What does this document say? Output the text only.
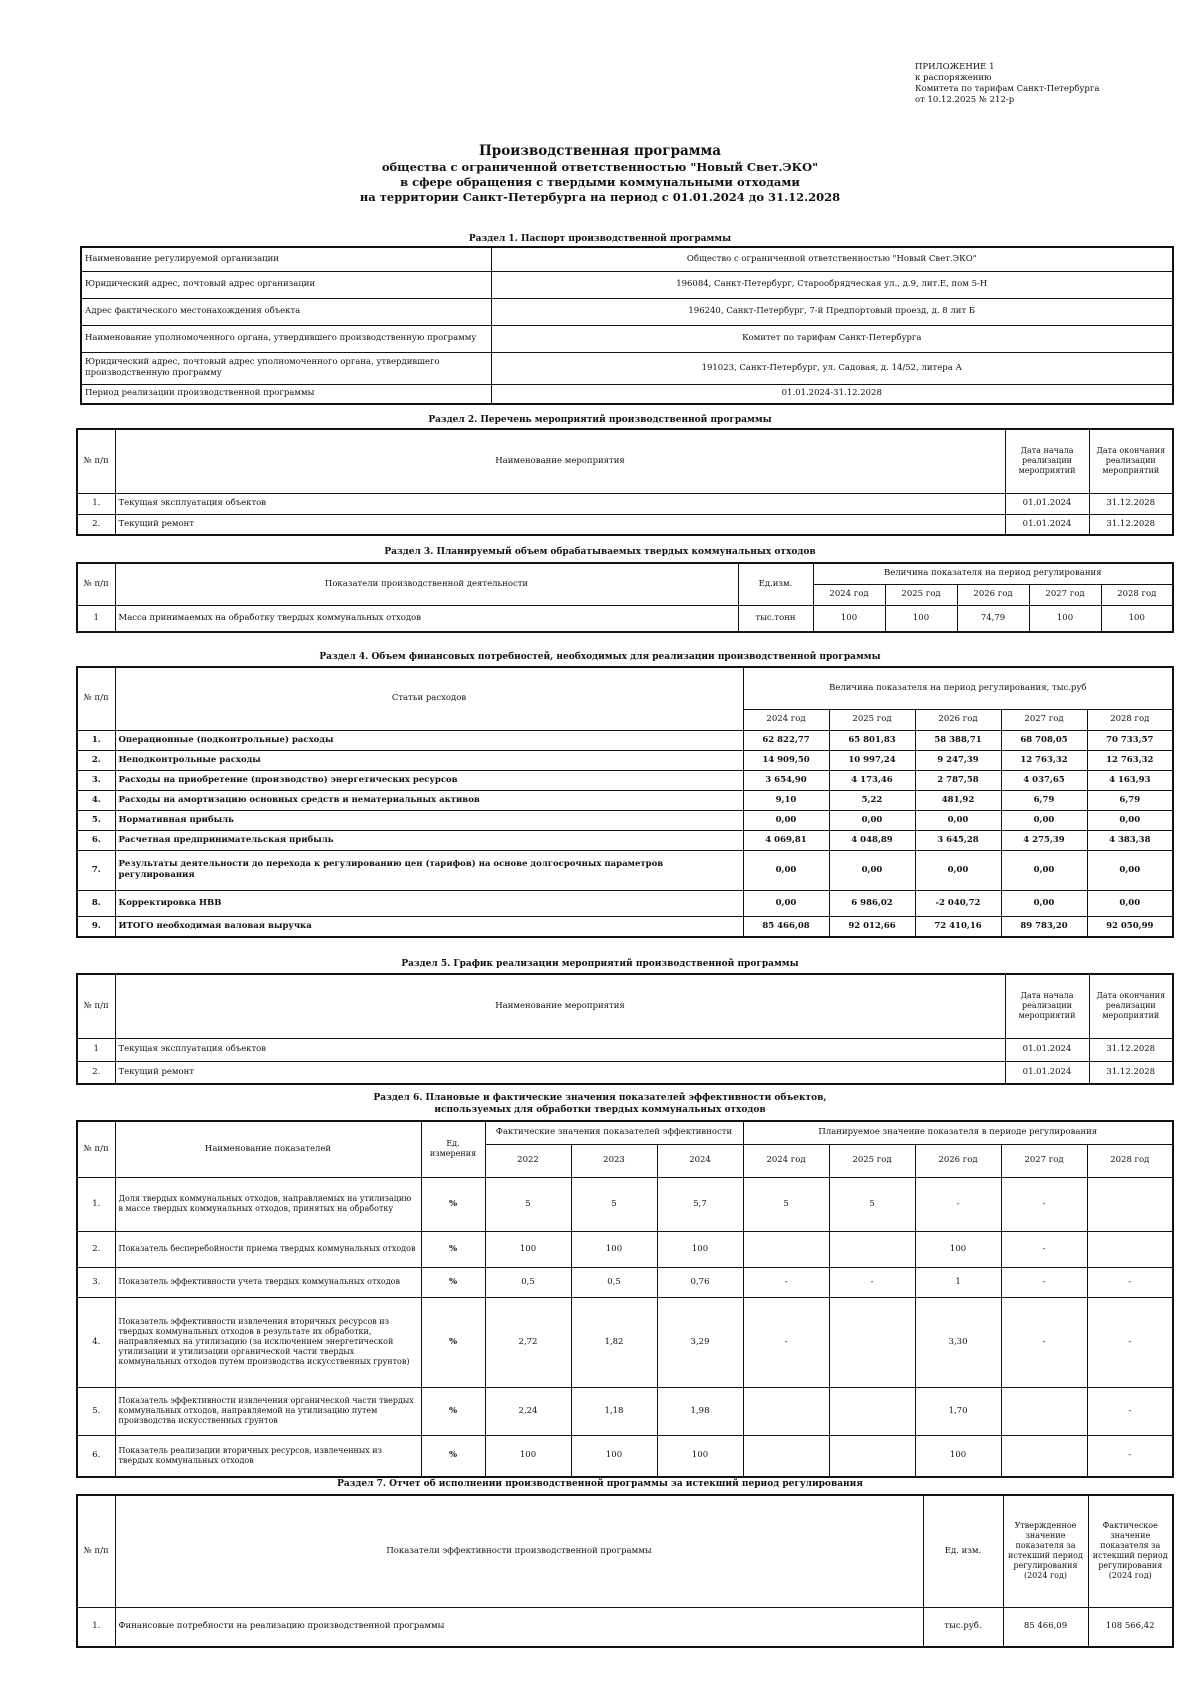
ПРИЛОЖЕНИЕ 1
к распоряжению
Комитета по тарифам Санкт-Петербурга
от 10.12.2025 № 212-р
Производственная программа
общества с ограниченной ответственностью "Новый Свет.ЭКО"
в сфере обращения с твердыми коммунальными отходами
на территории Санкт-Петербурга на период с 01.01.2024 до 31.12.2028
Раздел 1. Паспорт производственной программы
Наименование регулируемой организации	Общество с ограниченной ответственностью "Новый Свет.ЭКО"
Юридический адрес, почтовый адрес организации	196084, Санкт-Петербург, Старообрядческая ул., д.9, лит.Е, пом 5-Н
Адрес фактического местонахождения объекта	196240, Санкт-Петербург, 7-й Предпортовый проезд, д. 8 лит Б
Наименование уполномоченного органа, утвердившего производственную программу	Комитет по тарифам Санкт-Петербурга
Юридический адрес, почтовый адрес уполномоченного органа, утвердившего производственную программу	191023, Санкт-Петербург, ул. Садовая, д. 14/52, литера А
Период реализации производственной программы	01.01.2024-31.12.2028
Раздел 2. Перечень мероприятий производственной программы
№ п/п	Наименование мероприятия	Дата начала реализации мероприятий	Дата окончания реализации мероприятий
1.	Текущая эксплуатация объектов	01.01.2024	31.12.2028
2.	Текущий ремонт	01.01.2024	31.12.2028
Раздел 3. Планируемый объем обрабатываемых твердых коммунальных отходов
№ п/п	Показатели производственной деятельности	Ед.изм.	Величина показателя на период регулирования				
			2024 год	2025 год	2026 год	2027 год	2028 год
1	Масса принимаемых на обработку твердых коммунальных отходов	тыс.тонн	100	100	74,79	100	100
Раздел 4. Объем финансовых потребностей, необходимых для реализации производственной программы
№ п/п	Статьи расходов	Величина показателя на период регулирования, тыс.руб				
		2024 год	2025 год	2026 год	2027 год	2028 год
1.	Операционные (подконтрольные) расходы	62 822,77	65 801,83	58 388,71	68 708,05	70 733,57
2.	Неподконтрольные расходы	14 909,50	10 997,24	9 247,39	12 763,32	12 763,32
3.	Расходы на приобретение (производство) энергетических ресурсов	3 654,90	4 173,46	2 787,58	4 037,65	4 163,93
4.	Расходы на амортизацию основных средств и нематериальных активов	9,10	5,22	481,92	6,79	6,79
5.	Нормативная прибыль	0,00	0,00	0,00	0,00	0,00
6.	Расчетная предпринимательская прибыль	4 069,81	4 048,89	3 645,28	4 275,39	4 383,38
7.	Результаты деятельности до перехода к регулированию цен (тарифов) на основе долгосрочных параметров регулирования	0,00	0,00	0,00	0,00	0,00
8.	Корректировка НВВ	0,00	6 986,02	-2 040,72	0,00	0,00
9.	ИТОГО необходимая валовая выручка	85 466,08	92 012,66	72 410,16	89 783,20	92 050,99
Раздел 5. График реализации мероприятий производственной программы
№ п/п	Наименование мероприятия	Дата начала реализации мероприятий	Дата окончания реализации мероприятий
1	Текущая эксплуатация объектов	01.01.2024	31.12.2028
2.	Текущий ремонт	01.01.2024	31.12.2028
Раздел 6. Плановые и фактические значения показателей эффективности объектов,
используемых для обработки твердых коммунальных отходов
№ п/п	Наименование показателей	Ед. измерения	Фактические значения показателей эффективности			Планируемое значение показателя в периоде регулирования				
			2022	2023	2024	2024 год	2025 год	2026 год	2027 год	2028 год
1.	Доля твердых коммунальных отходов, направляемых на утилизацию в массе твердых коммунальных отходов, принятых на обработку	%	5	5	5,7	5	5	-	-	
2.	Показатель бесперебойности приема твердых коммунальных отходов	%	100	100	100			100	-	
3.	Показатель эффективности учета твердых коммунальных отходов	%	0,5	0,5	0,76	-	-	1	-	-
4.	Показатель эффективности извлечения вторичных ресурсов из твердых коммунальных отходов в результате их обработки, направляемых на утилизацию (за исключением энергетической утилизации и утилизации органической части твердых коммунальных отходов путем производства искусственных грунтов)	%	2,72	1,82	3,29	-		3,30	-	-
5.	Показатель эффективности извлечения органической части твердых коммунальных отходов, направляемой на утилизацию путем производства искусственных грунтов	%	2,24	1,18	1,98			1,70		-
6.	Показатель реализации вторичных ресурсов, извлеченных из твердых коммунальных отходов	%	100	100	100			100		-
Раздел 7. Отчет об исполнении производственной программы за истекший период регулирования
№ п/п	Показатели эффективности производственной программы	Ед. изм.	Утвержденное значение показателя за истекший период регулирования (2024 год)	Фактическое значение показателя за истекший период регулирования (2024 год)
1.	Финансовые потребности на реализацию производственной программы	тыс.руб.	85 466,09	108 566,42
